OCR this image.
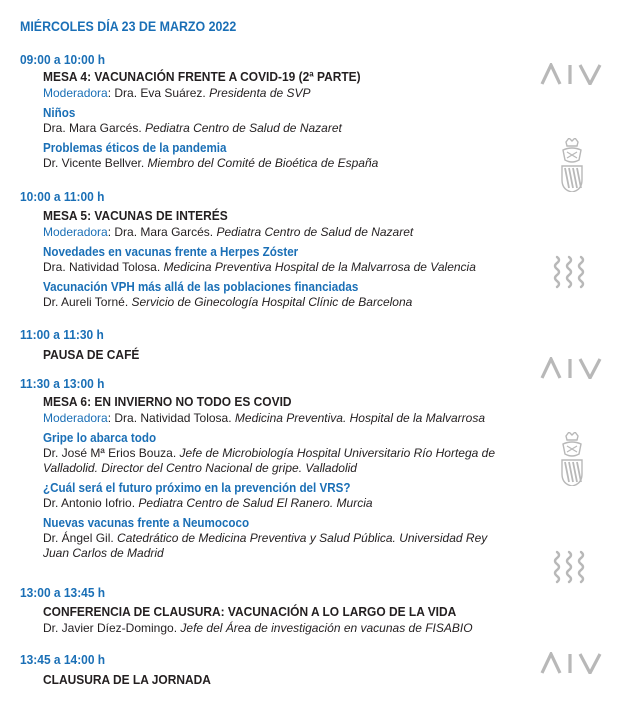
MIÉRCOLES DÍA 23 DE MARZO 2022
09:00 a 10:00 h
MESA 4: VACUNACIÓN FRENTE A COVID-19 (2ª PARTE)
Moderadora: Dra. Eva Suárez. Presidenta de SVP
Niños
Dra. Mara Garcés. Pediatra Centro de Salud de Nazaret
Problemas éticos de la pandemia
Dr. Vicente Bellver. Miembro del Comité de Bioética de España
10:00 a 11:00 h
MESA 5: VACUNAS DE INTERÉS
Moderadora: Dra. Mara Garcés. Pediatra Centro de Salud de Nazaret
Novedades en vacunas frente a Herpes Zóster
Dra. Natividad Tolosa. Medicina Preventiva Hospital de la Malvarrosa de Valencia
Vacunación VPH más allá de las poblaciones financiadas
Dr. Aureli Torné. Servicio de Ginecología Hospital Clínic de Barcelona
11:00 a 11:30 h
PAUSA DE CAFÉ
11:30 a 13:00 h
MESA 6: EN INVIERNO NO TODO ES COVID
Moderadora: Dra. Natividad Tolosa. Medicina Preventiva. Hospital de la Malvarrosa
Gripe lo abarca todo
Dr. José Mª Erios Bouza. Jefe de Microbiología Hospital Universitario Río Hortega de
Valladolid. Director del Centro Nacional de gripe. Valladolid
¿Cuál será el futuro próximo en la prevención del VRS?
Dr. Antonio Iofrio. Pediatra Centro de Salud El Ranero. Murcia
Nuevas vacunas frente a Neumococo
Dr. Ángel Gil. Catedrático de Medicina Preventiva y Salud Pública. Universidad Rey
Juan Carlos de Madrid
13:00 a 13:45 h
CONFERENCIA DE CLAUSURA: VACUNACIÓN A LO LARGO DE LA VIDA
Dr. Javier Díez-Domingo. Jefe del Área de investigación en vacunas de FISABIO
13:45 a 14:00 h
CLAUSURA DE LA JORNADA
